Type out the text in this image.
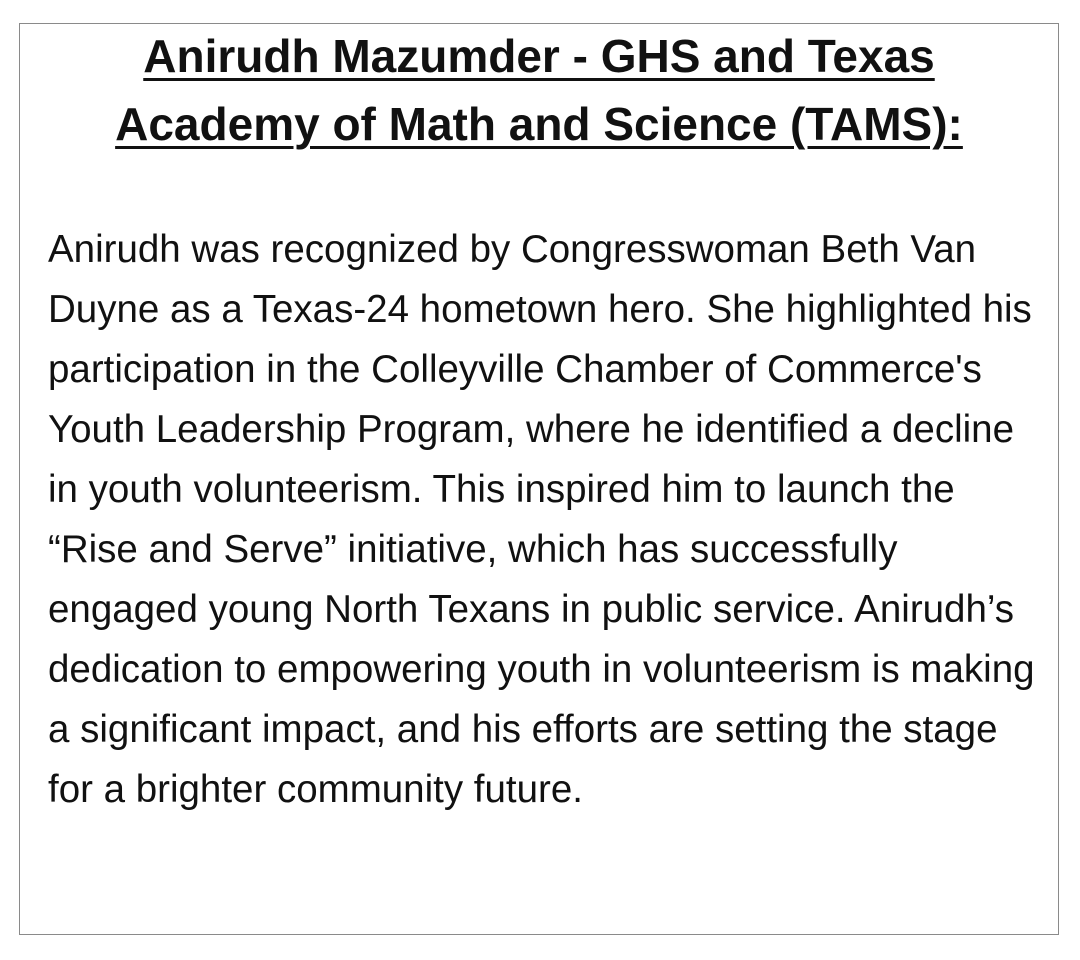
Anirudh Mazumder - GHS and Texas Academy of Math and Science (TAMS):

Anirudh was recognized by Congresswoman Beth Van Duyne as a Texas-24 hometown hero. She highlighted his participation in the Colleyville Chamber of Commerce's Youth Leadership Program, where he identified a decline in youth volunteerism. This inspired him to launch the “Rise and Serve” initiative, which has successfully engaged young North Texans in public service. Anirudh’s dedication to empowering youth in volunteerism is making a significant impact, and his efforts are setting the stage for a brighter community future.
